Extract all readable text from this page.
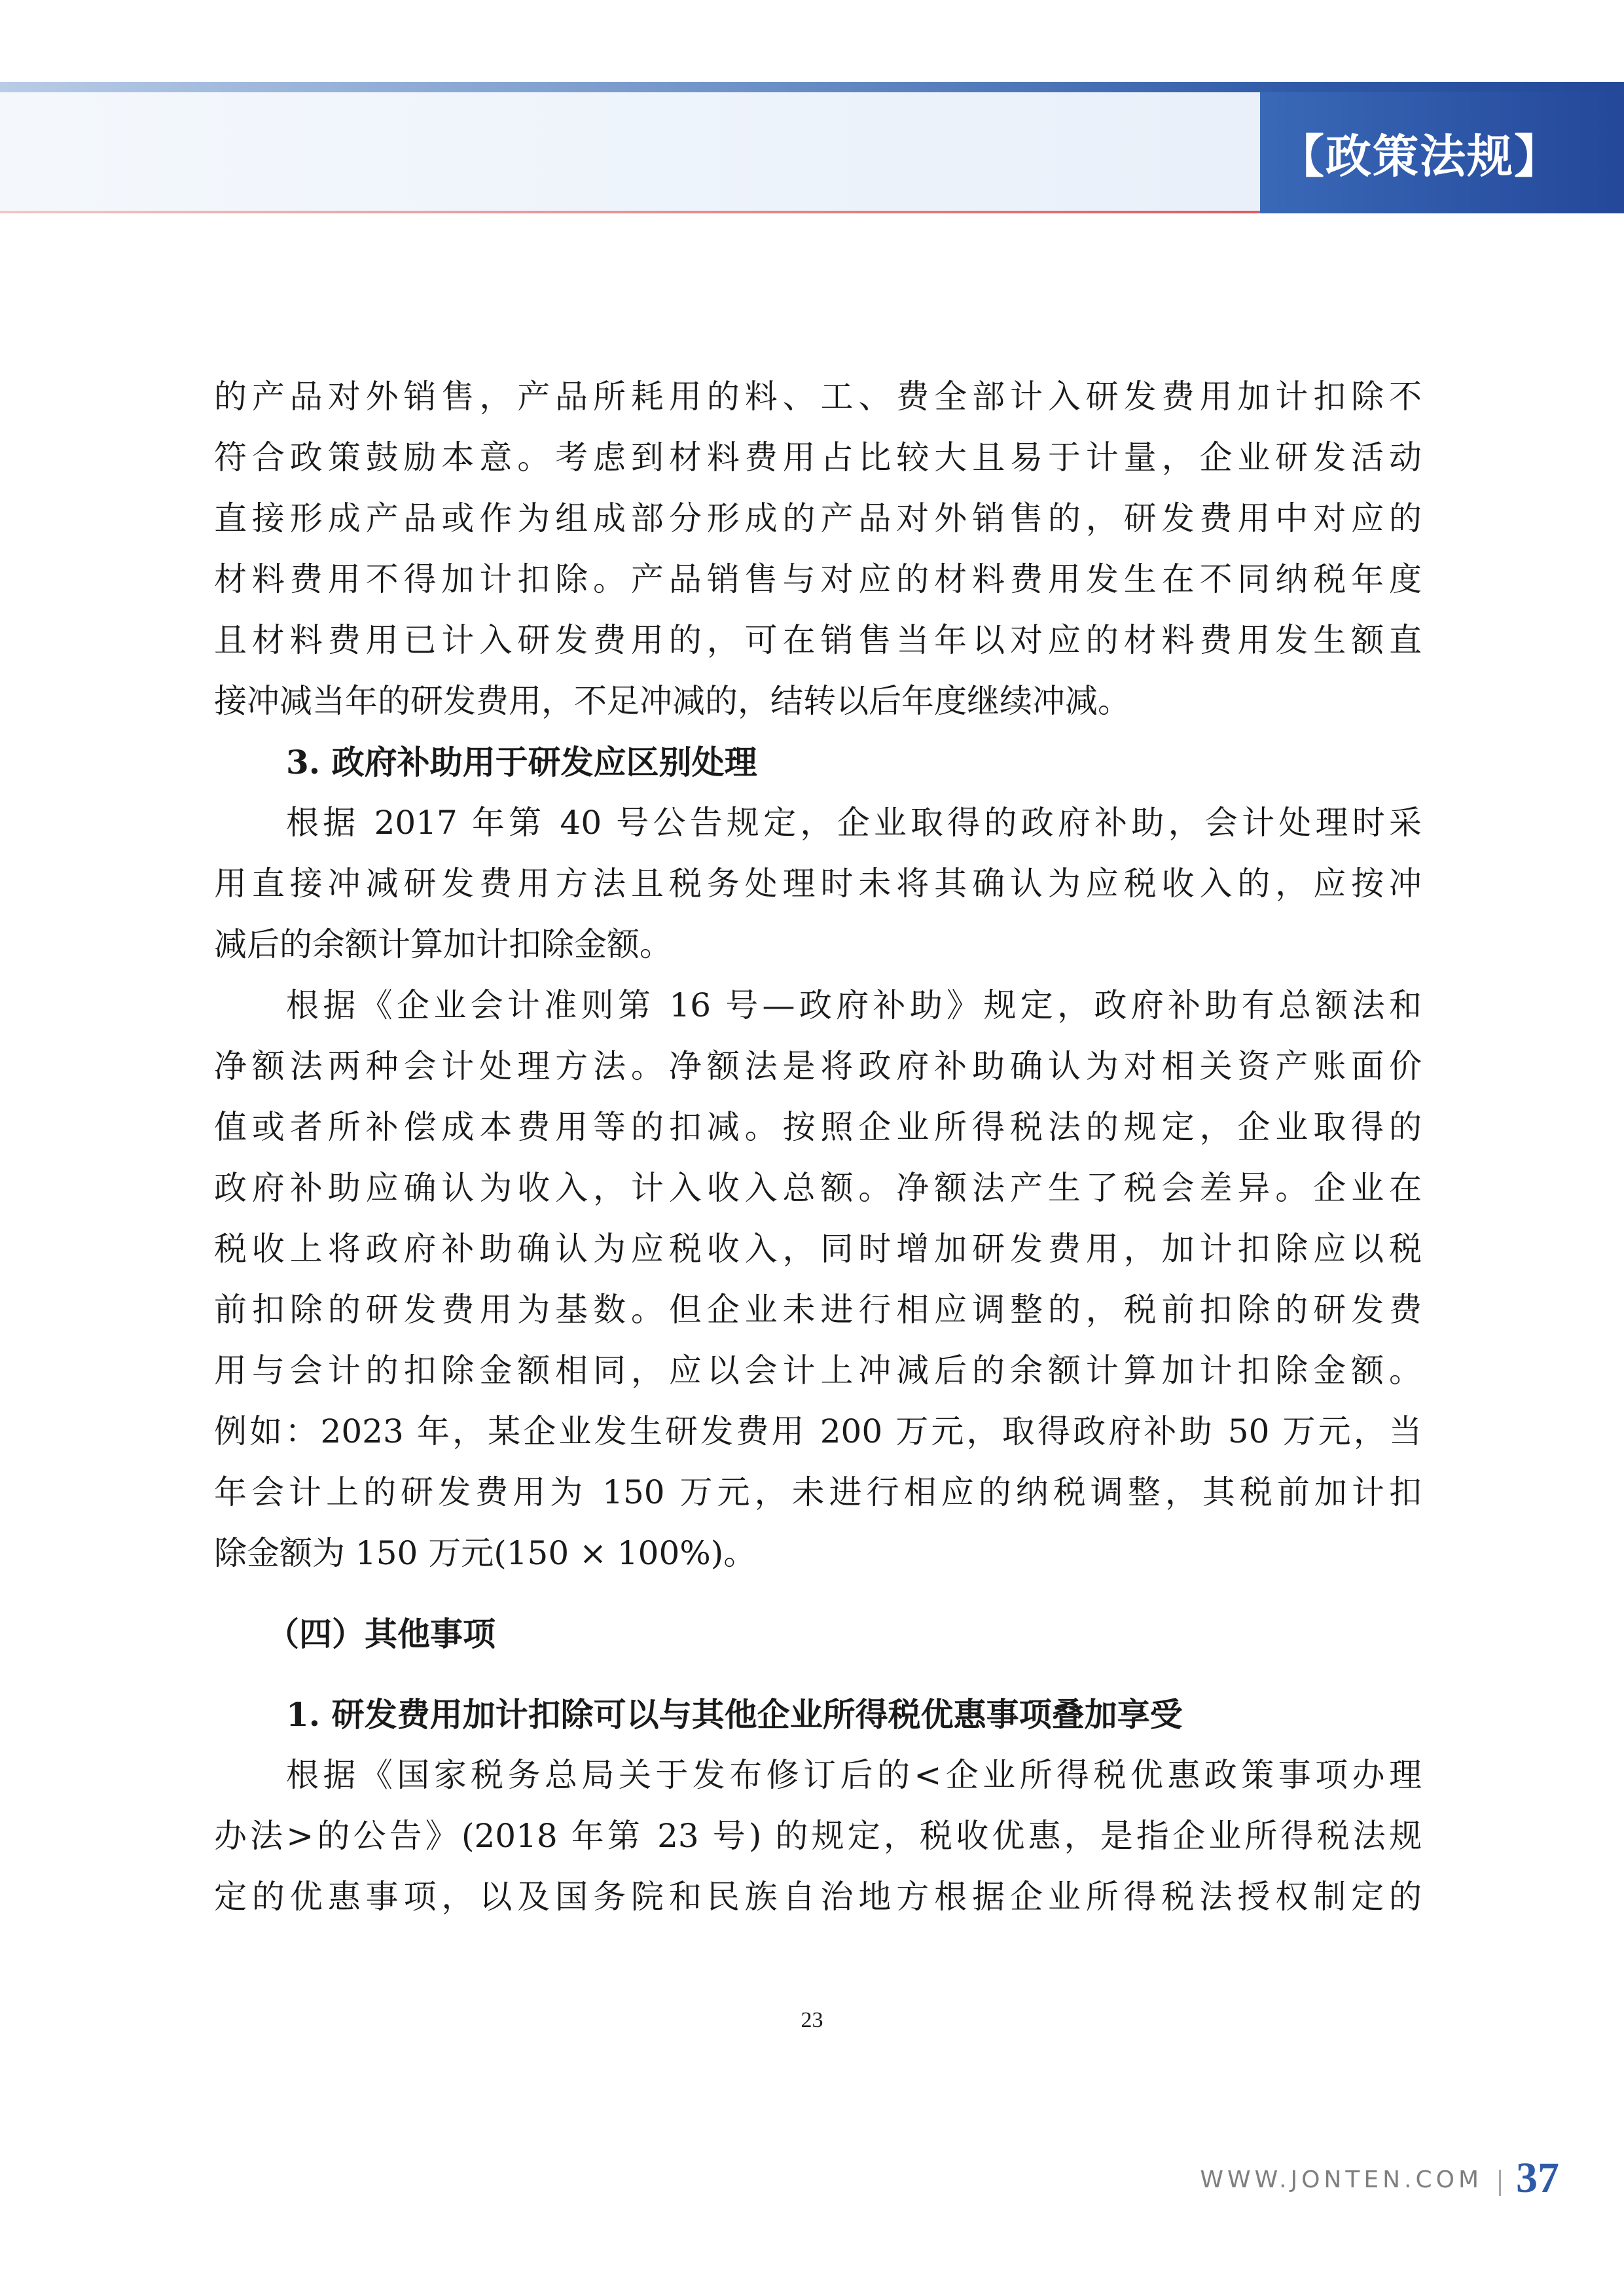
【政策法规】
的产品对外销售，产品所耗用的料、工、费全部计入研发费用加计扣除不
符合政策鼓励本意。考虑到材料费用占比较大且易于计量，企业研发活动
直接形成产品或作为组成部分形成的产品对外销售的，研发费用中对应的
材料费用不得加计扣除。产品销售与对应的材料费用发生在不同纳税年度
且材料费用已计入研发费用的，可在销售当年以对应的材料费用发生额直
接冲减当年的研发费用，不足冲减的，结转以后年度继续冲减。
3. 政府补助用于研发应区别处理
根据 2017 年第 40 号公告规定，企业取得的政府补助，会计处理时采
用直接冲减研发费用方法且税务处理时未将其确认为应税收入的，应按冲
减后的余额计算加计扣除金额。
根据《企业会计准则第 16 号—政府补助》规定，政府补助有总额法和
净额法两种会计处理方法。净额法是将政府补助确认为对相关资产账面价
值或者所补偿成本费用等的扣减。按照企业所得税法的规定，企业取得的
政府补助应确认为收入，计入收入总额。净额法产生了税会差异。企业在
税收上将政府补助确认为应税收入，同时增加研发费用，加计扣除应以税
前扣除的研发费用为基数。但企业未进行相应调整的，税前扣除的研发费
用与会计的扣除金额相同，应以会计上冲减后的余额计算加计扣除金额。
例如：2023 年，某企业发生研发费用 200 万元，取得政府补助 50 万元，当
年会计上的研发费用为 150 万元，未进行相应的纳税调整，其税前加计扣
除金额为 150 万元(150 × 100%)。
（四）其他事项
1. 研发费用加计扣除可以与其他企业所得税优惠事项叠加享受
根据《国家税务总局关于发布修订后的<企业所得税优惠政策事项办理
办法>的公告》(2018 年第 23 号) 的规定，税收优惠，是指企业所得税法规
定的优惠事项，以及国务院和民族自治地方根据企业所得税法授权制定的
23
WWW.JONTEN.COM 37
